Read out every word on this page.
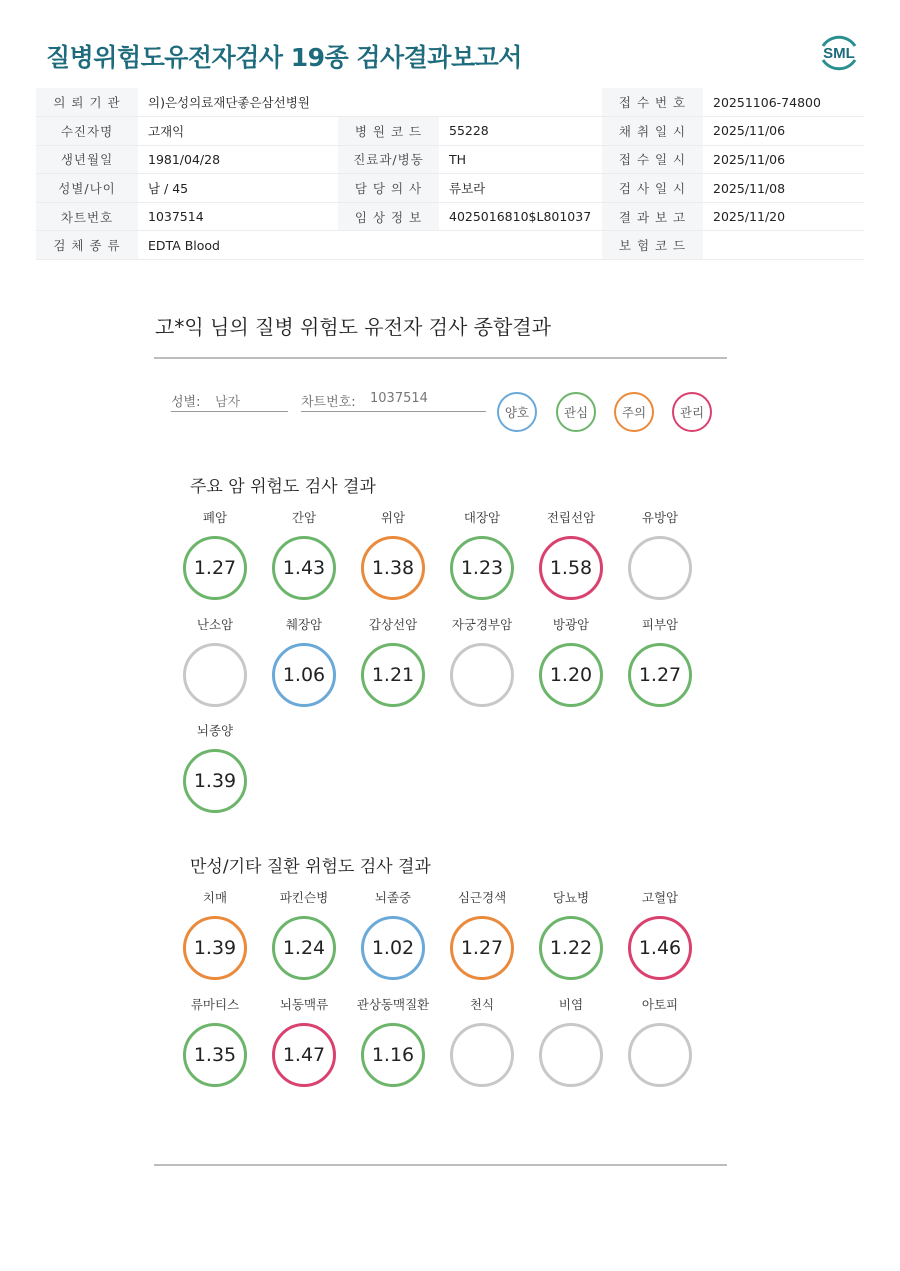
질병위험도유전자검사 19종 검사결과보고서	SML
의 뢰 기 관	의)은성의료재단좋은삼선병원			접 수 번 호	20251106-74800
수진자명	고재익	병 원 코 드	55228	채 취 일 시	2025/11/06
생년월일	1981/04/28	진료과/병동	TH	접 수 일 시	2025/11/06
성별/나이	남 / 45	담 당 의 사	류보라	검 사 일 시	2025/11/08
차트번호	1037514	임 상 정 보	4025016810$L801037	결 과 보 고	2025/11/20
검 체 종 류	EDTA Blood			보 험 코 드	
고*익 님의 질병 위험도 유전자 검사 종합결과
성별: 남자	차트번호: 1037514
양호	관심	주의	관리
주요 암 위험도 검사 결과
폐암
1.27
간암
1.43
위암
1.38
대장암
1.23
전립선암
1.58
유방암
난소암	췌장암
1.06
갑상선암
1.21
자궁경부암	방광암
1.20
피부암
1.27
뇌종양
1.39
만성/기타 질환 위험도 검사 결과
치매
1.39
파킨슨병
1.24
뇌졸중
1.02
심근경색
1.27
당뇨병
1.22
고혈압
1.46
류마티스
1.35
뇌동맥류
1.47
관상동맥질환
1.16
천식	비염	아토피
